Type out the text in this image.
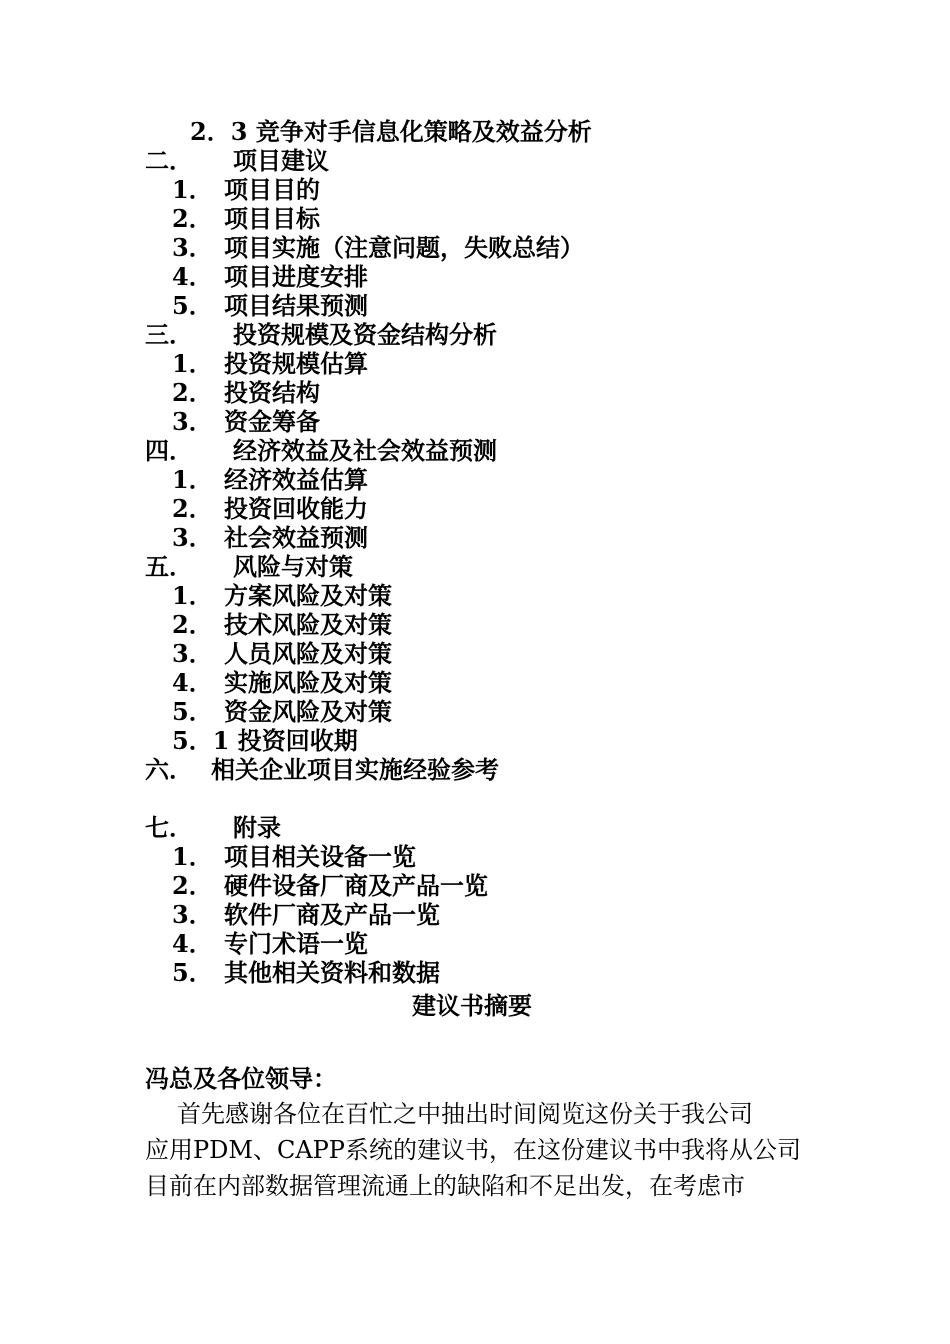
2．3 竞争对手信息化策略及效益分析
二． 项目建议
1． 项目目的
2． 项目目标
3． 项目实施（注意问题，失败总结）
4． 项目进度安排
5． 项目结果预测
三． 投资规模及资金结构分析
1． 投资规模估算
2． 投资结构
3． 资金筹备
四． 经济效益及社会效益预测
1． 经济效益估算
2． 投资回收能力
3． 社会效益预测
五． 风险与对策
1． 方案风险及对策
2． 技术风险及对策
3． 人员风险及对策
4． 实施风险及对策
5． 资金风险及对策
5．1 投资回收期
六． 相关企业项目实施经验参考
七． 附录
1． 项目相关设备一览
2． 硬件设备厂商及产品一览
3． 软件厂商及产品一览
4． 专门术语一览
5． 其他相关资料和数据
建议书摘要
冯总及各位领导：
首先感谢各位在百忙之中抽出时间阅览这份关于我公司
应用PDM、CAPP系统的建议书，在这份建议书中我将从公司
目前在内部数据管理流通上的缺陷和不足出发，在考虑市
